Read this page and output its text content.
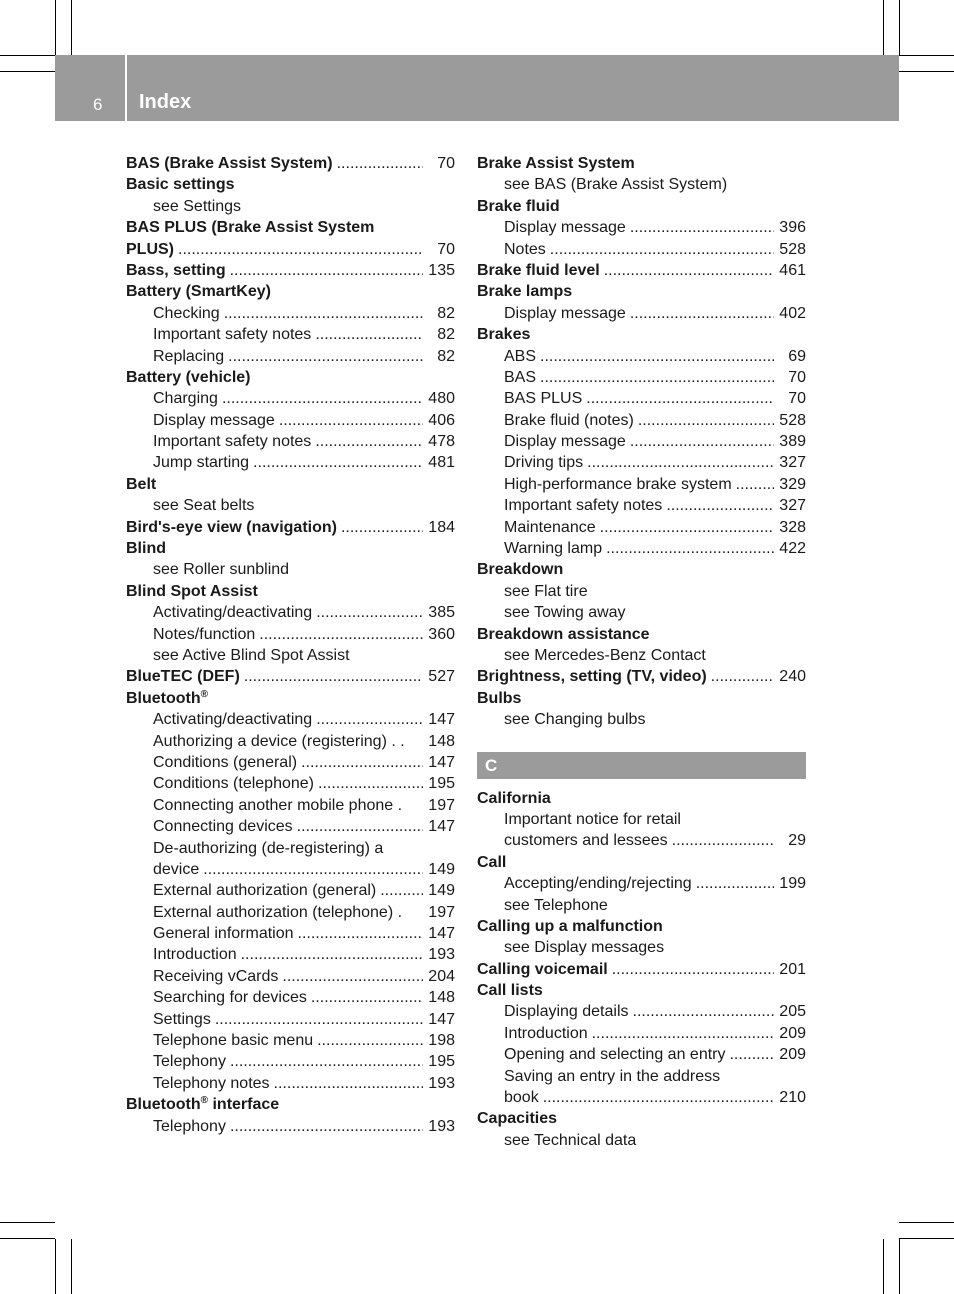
6 Index
BAS (Brake Assist System) .....	70
Basic settings
see Settings
BAS PLUS (Brake Assist System
PLUS) .....	70
Bass, setting .....	135
Battery (SmartKey)
Checking .....	82
Important safety notes .....	82
Replacing .....	82
Battery (vehicle)
Charging .....	480
Display message .....	406
Important safety notes .....	478
Jump starting .....	481
Belt
see Seat belts
Bird's-eye view (navigation) .....	184
Blind
see Roller sunblind
Blind Spot Assist
Activating/deactivating .....	385
Notes/function .....	360
see Active Blind Spot Assist
BlueTEC (DEF) .....	527
Bluetooth®
Activating/deactivating .....	147
Authorizing a device (registering) . . 148
Conditions (general) .....	147
Conditions (telephone) .....	195
Connecting another mobile phone . 197
Connecting devices .....	147
De-authorizing (de-registering) a
device .....	149
External authorization (general) .....	149
External authorization (telephone) . 197
General information .....	147
Introduction .....	193
Receiving vCards .....	204
Searching for devices .....	148
Settings .....	147
Telephone basic menu .....	198
Telephony .....	195
Telephony notes .....	193
Bluetooth® interface
Telephony .....	193
Brake Assist System
see BAS (Brake Assist System)
Brake fluid
Display message .....	396
Notes .....	528
Brake fluid level .....	461
Brake lamps
Display message .....	402
Brakes
ABS .....	69
BAS .....	70
BAS PLUS .....	70
Brake fluid (notes) .....	528
Display message .....	389
Driving tips .....	327
High-performance brake system .....	329
Important safety notes .....	327
Maintenance .....	328
Warning lamp .....	422
Breakdown
see Flat tire
see Towing away
Breakdown assistance
see Mercedes-Benz Contact
Brightness, setting (TV, video) .....	240
Bulbs
see Changing bulbs
C
California
Important notice for retail
customers and lessees .....	29
Call
Accepting/ending/rejecting .....	199
see Telephone
Calling up a malfunction
see Display messages
Calling voicemail .....	201
Call lists
Displaying details .....	205
Introduction .....	209
Opening and selecting an entry .....	209
Saving an entry in the address
book .....	210
Capacities
see Technical data
